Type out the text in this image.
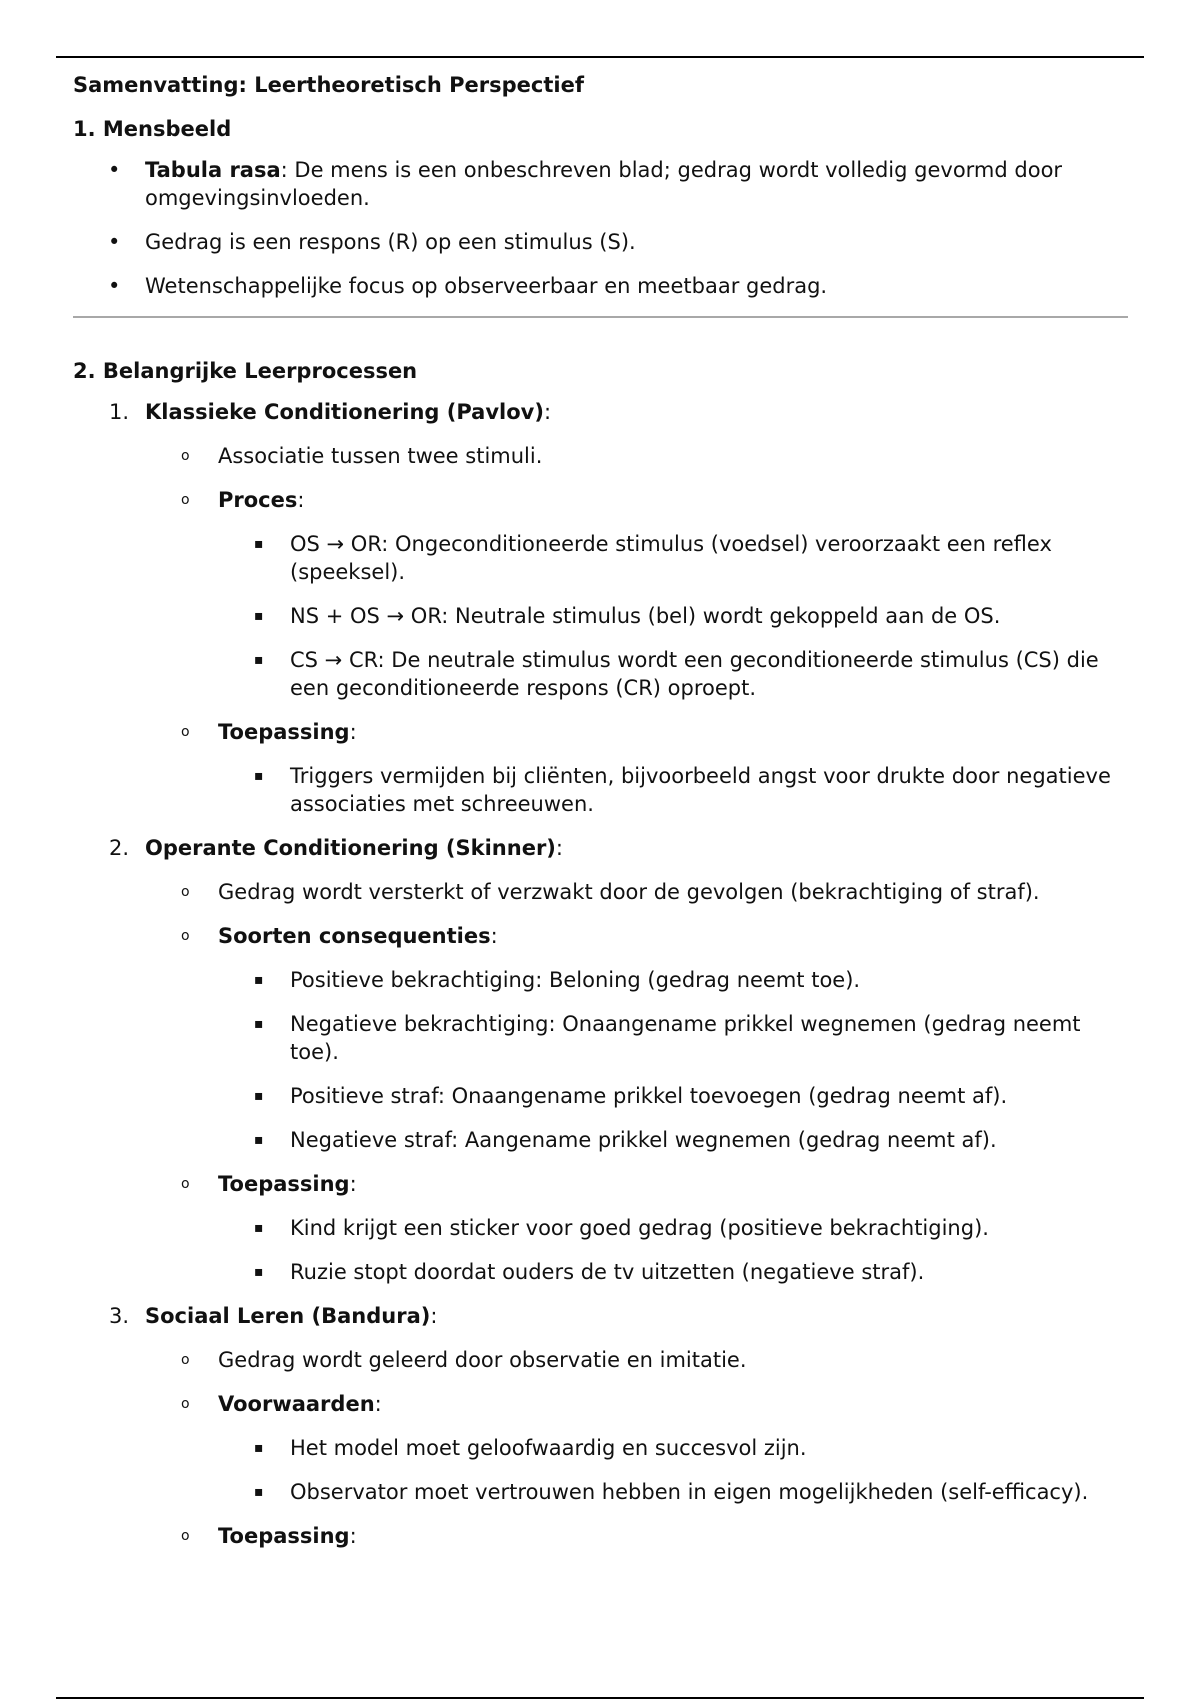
Samenvatting: Leertheoretisch Perspectief
1. Mensbeeld
• Tabula rasa: De mens is een onbeschreven blad; gedrag wordt volledig gevormd door omgevingsinvloeden.
• Gedrag is een respons (R) op een stimulus (S).
• Wetenschappelijke focus op observeerbaar en meetbaar gedrag.
2. Belangrijke Leerprocessen
1. Klassieke Conditionering (Pavlov):
o Associatie tussen twee stimuli.
o Proces:
▪ OS → OR: Ongeconditioneerde stimulus (voedsel) veroorzaakt een reflex (speeksel).
▪ NS + OS → OR: Neutrale stimulus (bel) wordt gekoppeld aan de OS.
▪ CS → CR: De neutrale stimulus wordt een geconditioneerde stimulus (CS) die een geconditioneerde respons (CR) oproept.
o Toepassing:
▪ Triggers vermijden bij cliënten, bijvoorbeeld angst voor drukte door negatieve associaties met schreeuwen.
2. Operante Conditionering (Skinner):
o Gedrag wordt versterkt of verzwakt door de gevolgen (bekrachtiging of straf).
o Soorten consequenties:
▪ Positieve bekrachtiging: Beloning (gedrag neemt toe).
▪ Negatieve bekrachtiging: Onaangename prikkel wegnemen (gedrag neemt toe).
▪ Positieve straf: Onaangename prikkel toevoegen (gedrag neemt af).
▪ Negatieve straf: Aangename prikkel wegnemen (gedrag neemt af).
o Toepassing:
▪ Kind krijgt een sticker voor goed gedrag (positieve bekrachtiging).
▪ Ruzie stopt doordat ouders de tv uitzetten (negatieve straf).
3. Sociaal Leren (Bandura):
o Gedrag wordt geleerd door observatie en imitatie.
o Voorwaarden:
▪ Het model moet geloofwaardig en succesvol zijn.
▪ Observator moet vertrouwen hebben in eigen mogelijkheden (self-efficacy).
o Toepassing:
